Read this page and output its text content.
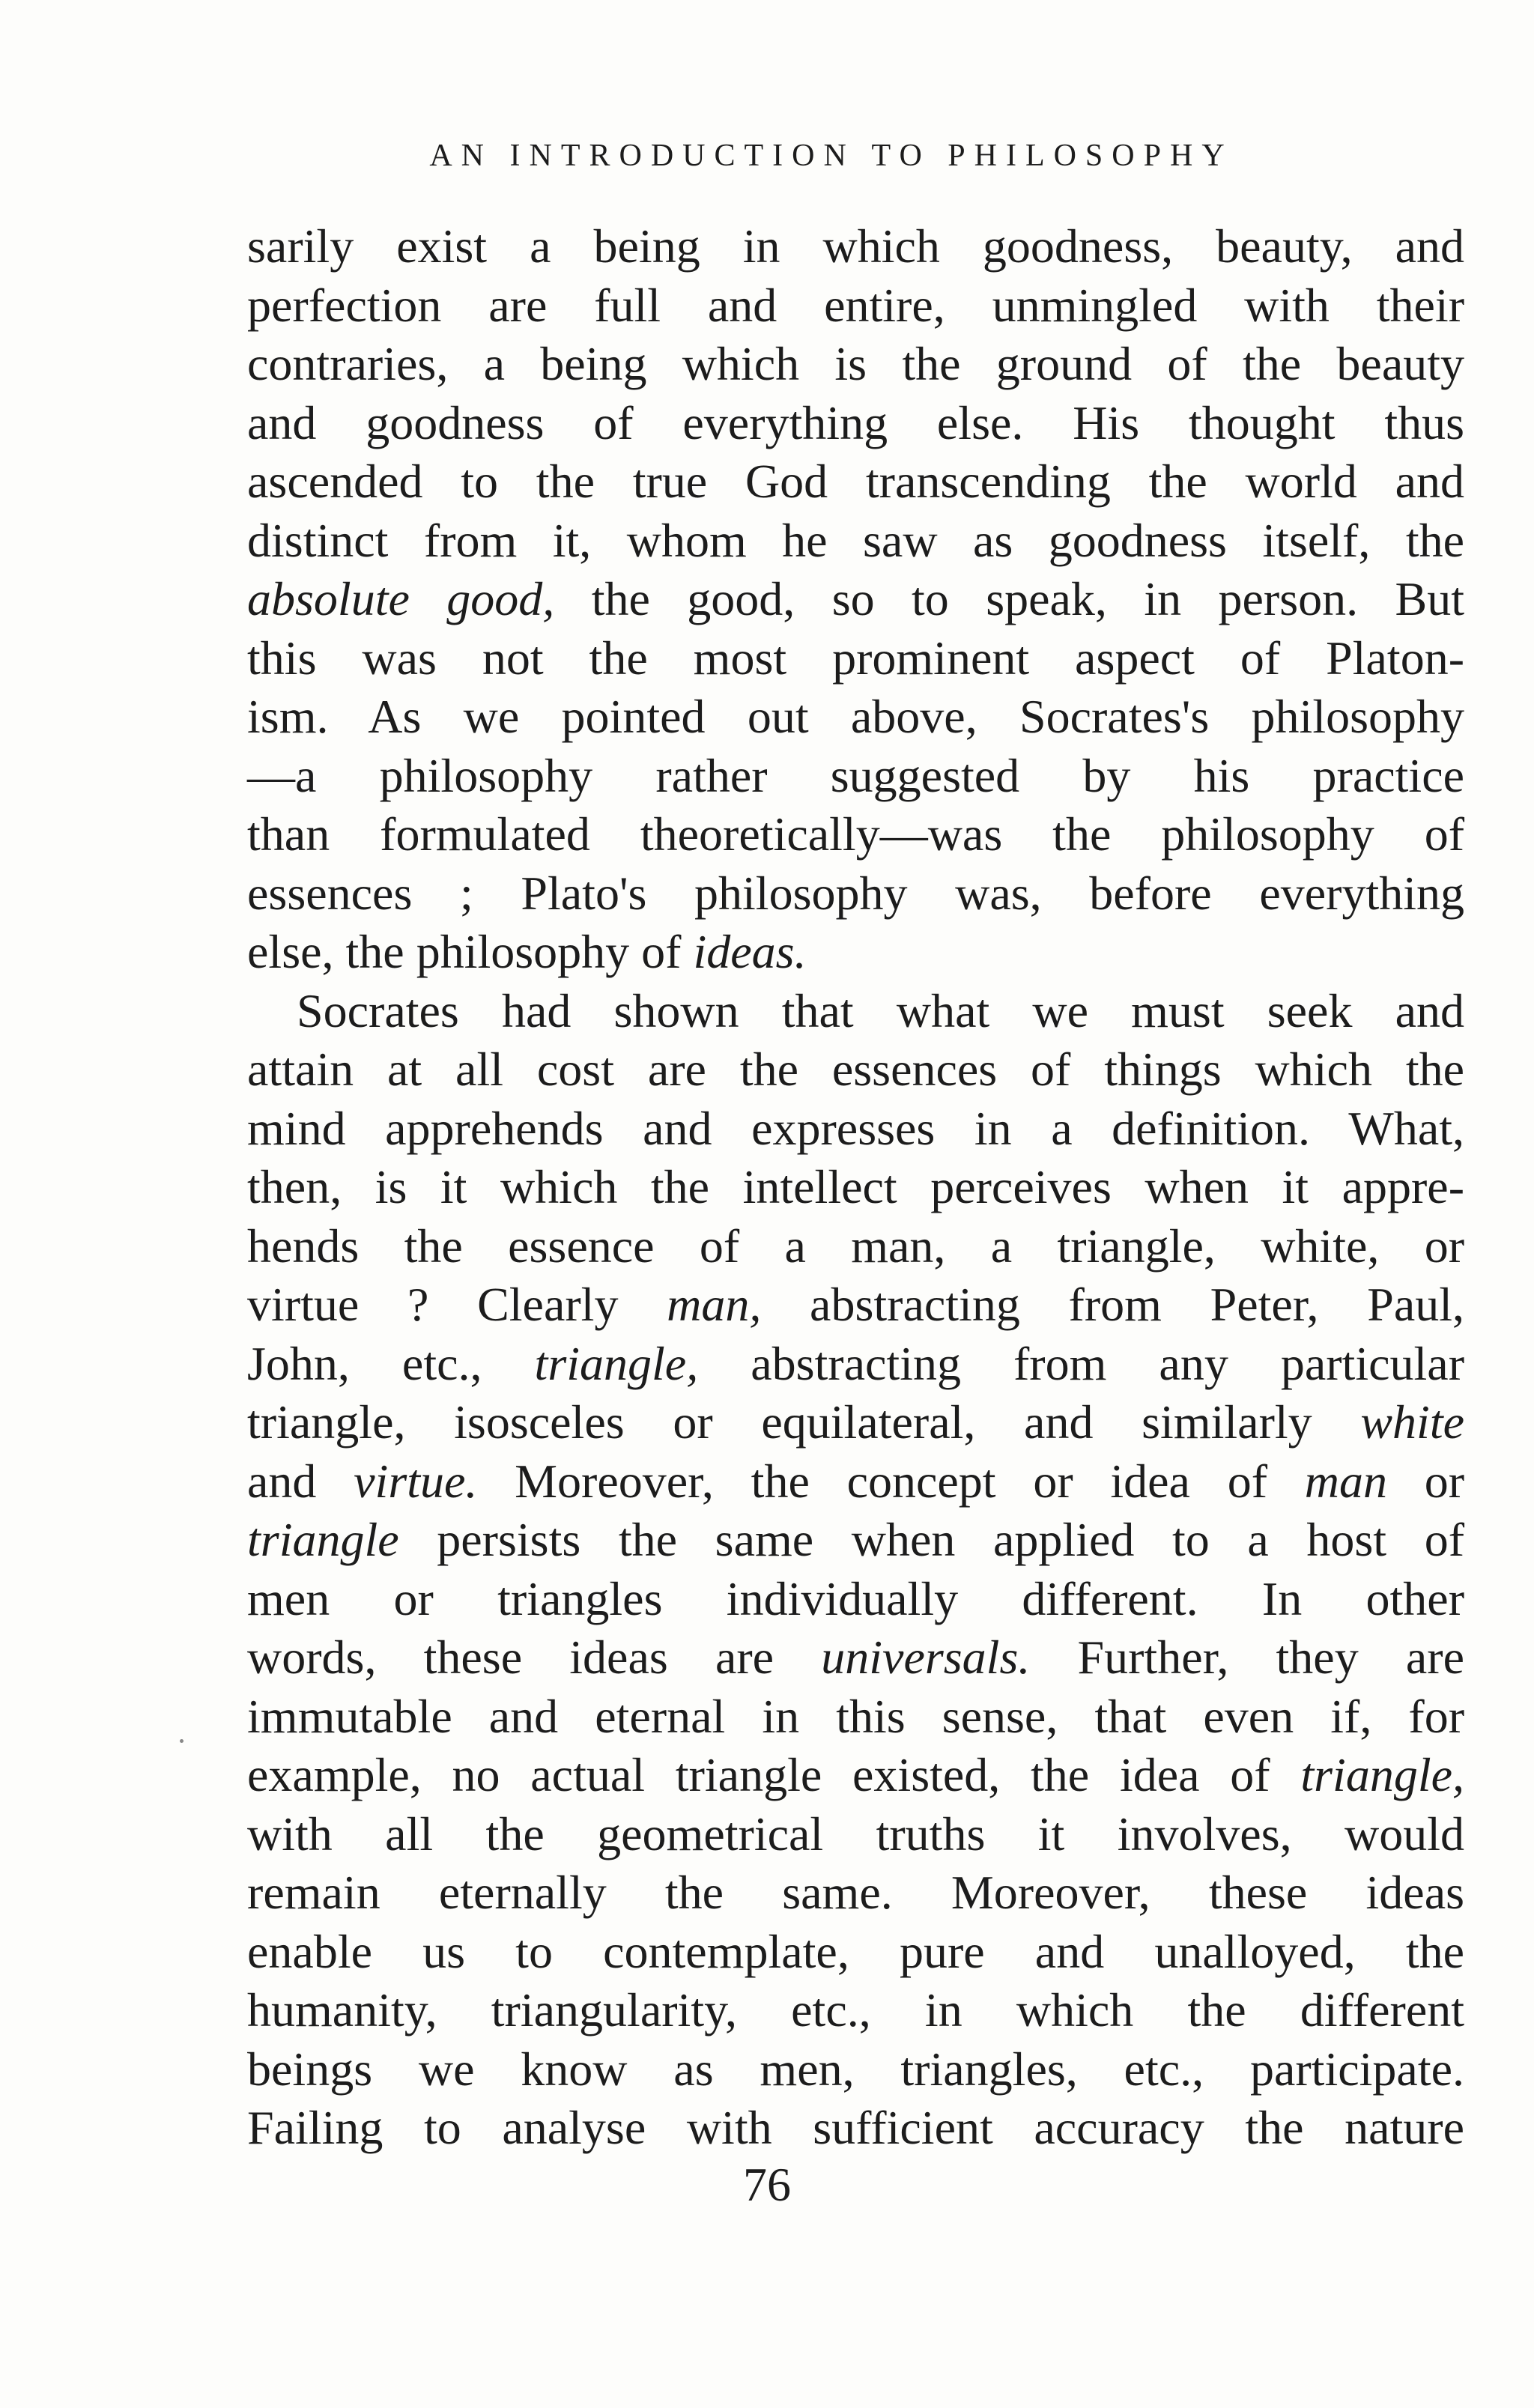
AN INTRODUCTION TO PHILOSOPHY
sarily exist a being in which goodness, beauty, and
perfection are full and entire, unmingled with their
contraries, a being which is the ground of the beauty
and goodness of everything else. His thought thus
ascended to the true God transcending the world and
distinct from it, whom he saw as goodness itself, the
absolute good, the good, so to speak, in person. But
this was not the most prominent aspect of Platon-
ism. As we pointed out above, Socrates's philosophy
—a philosophy rather suggested by his practice
than formulated theoretically—was the philosophy of
essences ; Plato's philosophy was, before everything
else, the philosophy of ideas.
Socrates had shown that what we must seek and
attain at all cost are the essences of things which the
mind apprehends and expresses in a definition. What,
then, is it which the intellect perceives when it appre-
hends the essence of a man, a triangle, white, or
virtue ? Clearly man, abstracting from Peter, Paul,
John, etc., triangle, abstracting from any particular
triangle, isosceles or equilateral, and similarly white
and virtue. Moreover, the concept or idea of man or
triangle persists the same when applied to a host of
men or triangles individually different. In other
words, these ideas are universals. Further, they are
immutable and eternal in this sense, that even if, for
example, no actual triangle existed, the idea of triangle,
with all the geometrical truths it involves, would
remain eternally the same. Moreover, these ideas
enable us to contemplate, pure and unalloyed, the
humanity, triangularity, etc., in which the different
beings we know as men, triangles, etc., participate.
Failing to analyse with sufficient accuracy the nature
76
